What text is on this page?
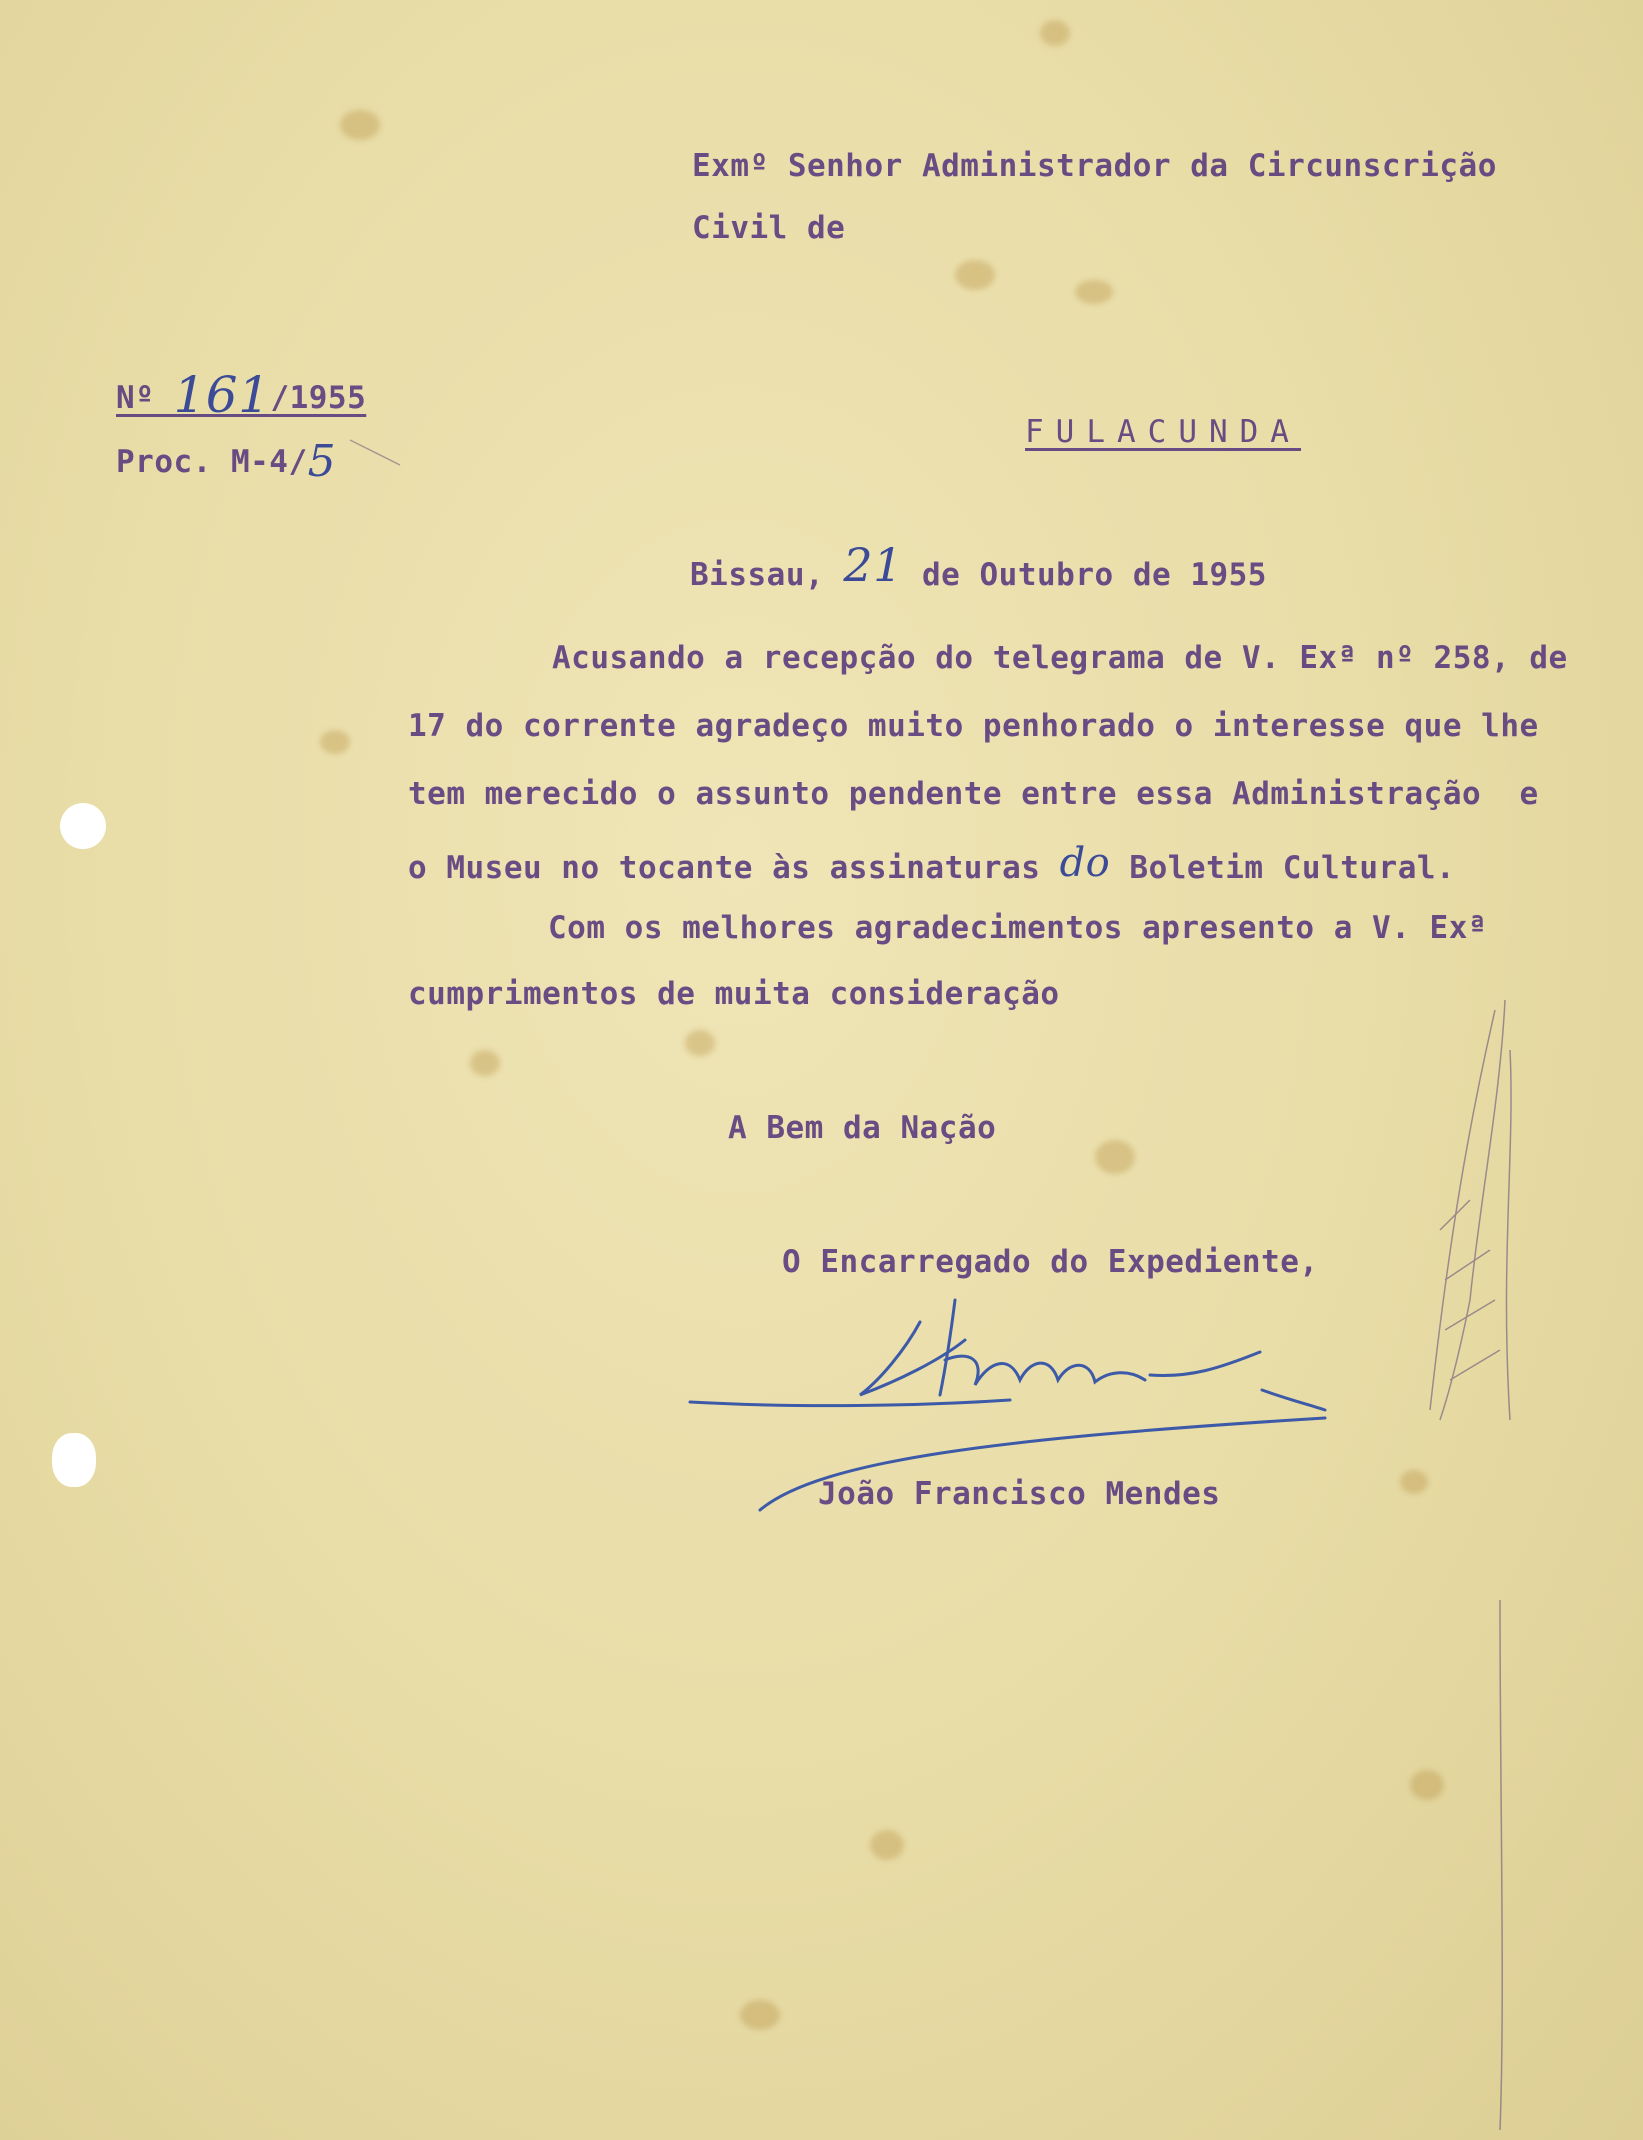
Exmº Senhor Administrador da Circunscrição
Civil de
Nº 161/1955
Proc. M-4/5
FULACUNDA
Bissau, 21 de Outubro de 1955
Acusando a recepção do telegrama de V. Exª nº 258, de
17 do corrente agradeço muito penhorado o interesse que lhe
tem merecido o assunto pendente entre essa Administração  e
o Museu no tocante às assinaturas do Boletim Cultural.
Com os melhores agradecimentos apresento a V. Exª
cumprimentos de muita consideração
A Bem da Nação
O Encarregado do Expediente,
João Francisco Mendes
